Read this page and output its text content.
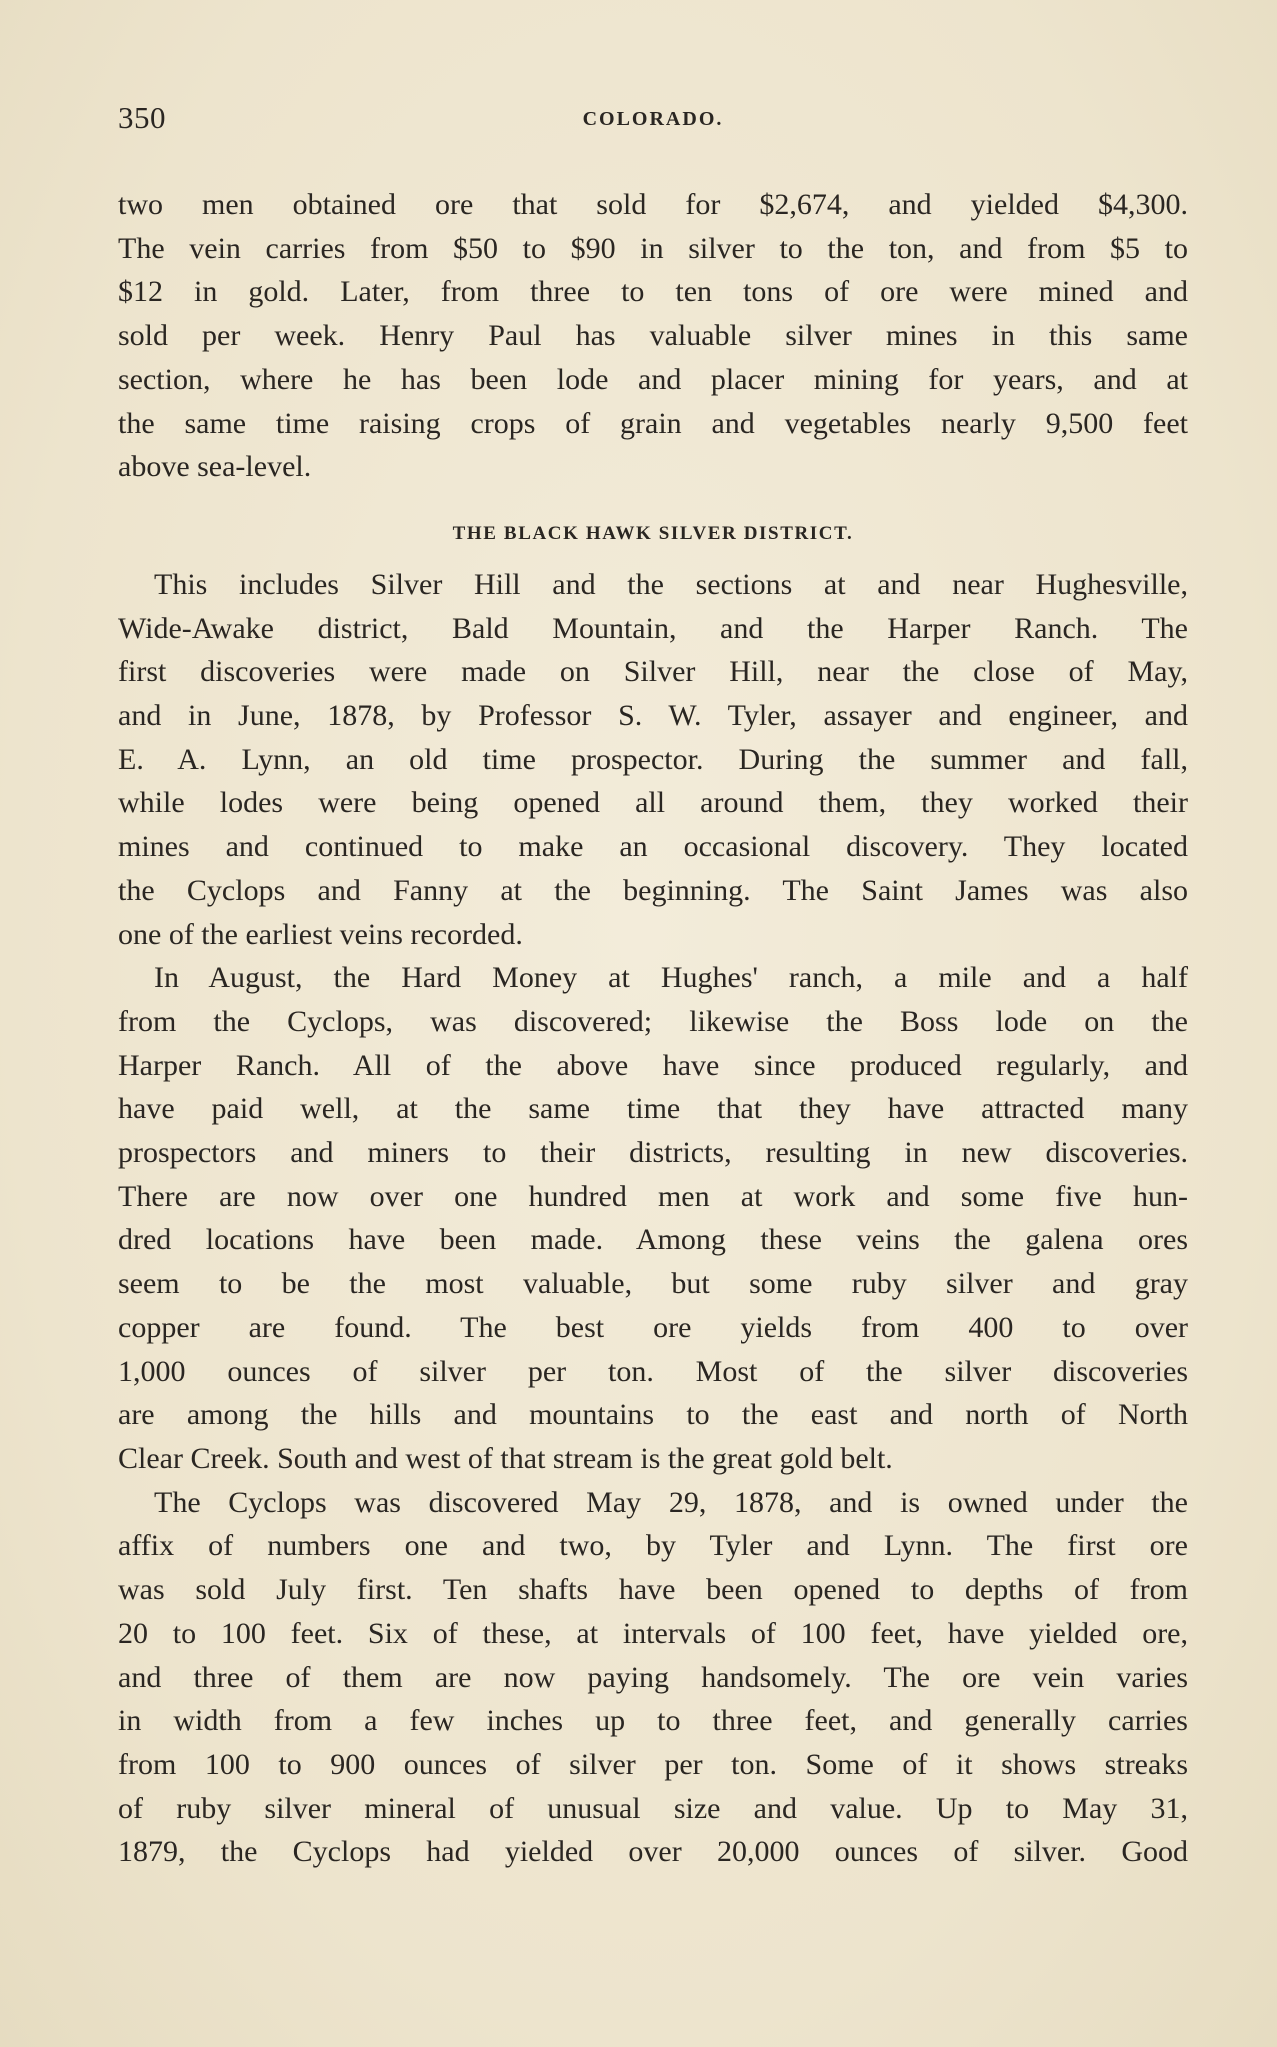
350	COLORADO.
two men obtained ore that sold for $2,674, and yielded $4,300.
The vein carries from $50 to $90 in silver to the ton, and from $5 to
$12 in gold. Later, from three to ten tons of ore were mined and
sold per week. Henry Paul has valuable silver mines in this same
section, where he has been lode and placer mining for years, and at
the same time raising crops of grain and vegetables nearly 9,500 feet
above sea-level.
THE BLACK HAWK SILVER DISTRICT.
This includes Silver Hill and the sections at and near Hughesville,
Wide-Awake district, Bald Mountain, and the Harper Ranch. The
first discoveries were made on Silver Hill, near the close of May,
and in June, 1878, by Professor S. W. Tyler, assayer and engineer, and
E. A. Lynn, an old time prospector. During the summer and fall,
while lodes were being opened all around them, they worked their
mines and continued to make an occasional discovery. They located
the Cyclops and Fanny at the beginning. The Saint James was also
one of the earliest veins recorded.
In August, the Hard Money at Hughes' ranch, a mile and a half
from the Cyclops, was discovered; likewise the Boss lode on the
Harper Ranch. All of the above have since produced regularly, and
have paid well, at the same time that they have attracted many
prospectors and miners to their districts, resulting in new discoveries.
There are now over one hundred men at work and some five hun-
dred locations have been made. Among these veins the galena ores
seem to be the most valuable, but some ruby silver and gray
copper are found. The best ore yields from 400 to over
1,000 ounces of silver per ton. Most of the silver discoveries
are among the hills and mountains to the east and north of North
Clear Creek. South and west of that stream is the great gold belt.
The Cyclops was discovered May 29, 1878, and is owned under the
affix of numbers one and two, by Tyler and Lynn. The first ore
was sold July first. Ten shafts have been opened to depths of from
20 to 100 feet. Six of these, at intervals of 100 feet, have yielded ore,
and three of them are now paying handsomely. The ore vein varies
in width from a few inches up to three feet, and generally carries
from 100 to 900 ounces of silver per ton. Some of it shows streaks
of ruby silver mineral of unusual size and value. Up to May 31,
1879, the Cyclops had yielded over 20,000 ounces of silver. Good
